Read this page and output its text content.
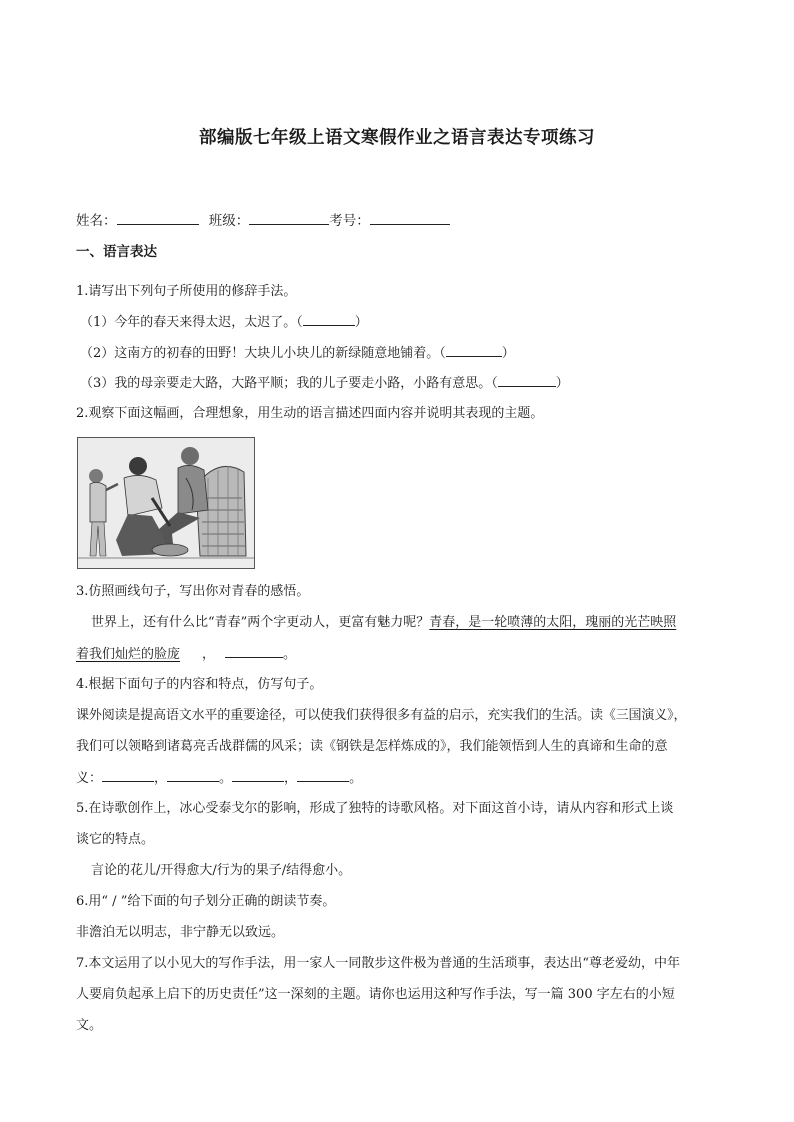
部编版七年级上语文寒假作业之语言表达专项练习
姓名：	班级：	考号：
一、语言表达
1.请写出下列句子所使用的修辞手法。
（1）今年的春天来得太迟，太迟了。（	）
（2）这南方的初春的田野！大块儿小块儿的新绿随意地铺着。（	）
（3）我的母亲要走大路，大路平顺；我的儿子要走小路，小路有意思。（	）
2.观察下面这幅画，合理想象，用生动的语言描述四面内容并说明其表现的主题。
3.仿照画线句子，写出你对青春的感悟。
世界上，还有什么比“青春”两个字更动人，更富有魅力呢？青春，是一轮喷薄的太阳，瑰丽的光芒映照
着我们灿烂的脸庞 ，	。
4.根据下面句子的内容和特点，仿写句子。
课外阅读是提高语文水平的重要途径，可以使我们获得很多有益的启示，充实我们的生活。读《三国演义》，
我们可以领略到诸葛亮舌战群儒的风采；读《钢铁是怎样炼成的》，我们能领悟到人生的真谛和生命的意
义：	，	。	，	。
5.在诗歌创作上，冰心受泰戈尔的影响，形成了独特的诗歌风格。对下面这首小诗，请从内容和形式上谈
谈它的特点。
言论的花儿/开得愈大/行为的果子/结得愈小。
6.用“ / ”给下面的句子划分正确的朗读节奏。
非澹泊无以明志，非宁静无以致远。
7.本文运用了以小见大的写作手法，用一家人一同散步这件极为普通的生活琐事，表达出“尊老爱幼，中年
人要肩负起承上启下的历史责任”这一深刻的主题。请你也运用这种写作手法，写一篇 300 字左右的小短
文。
